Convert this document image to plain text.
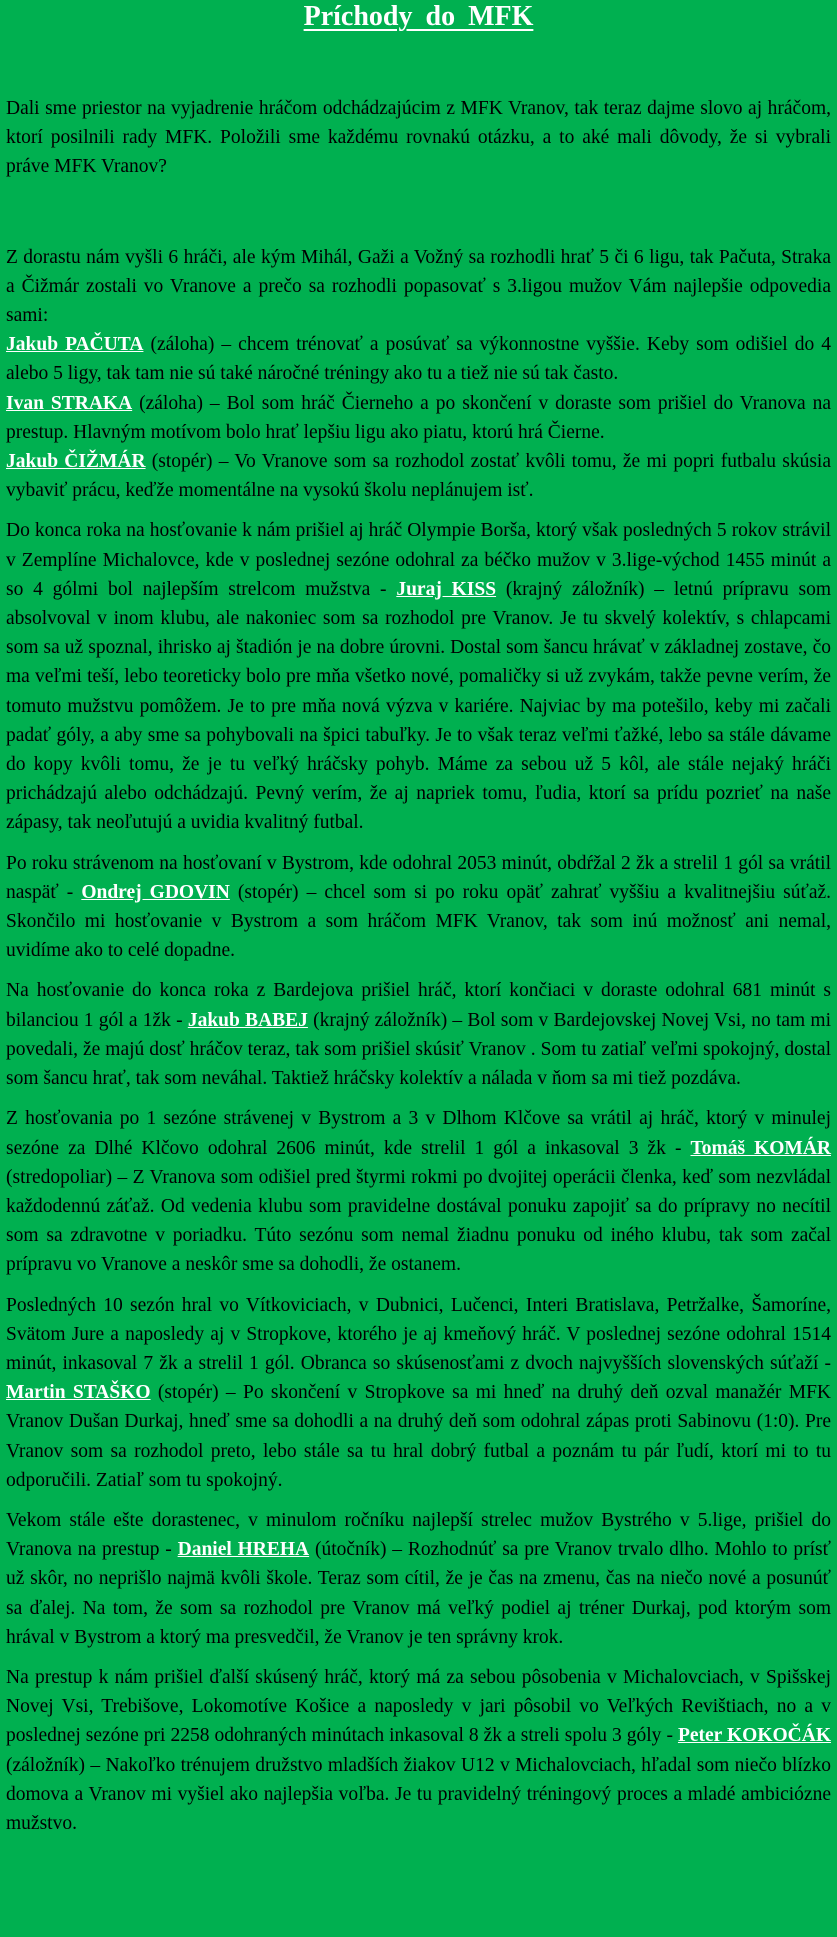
Príchody do MFK

Dali sme priestor na vyjadrenie hráčom odchádzajúcim z MFK Vranov, tak teraz dajme slovo aj hráčom, ktorí posilnili rady MFK. Položili sme každému rovnakú otázku, a to aké mali dôvody, že si vybrali práve MFK Vranov?

Z dorastu nám vyšli 6 hráči, ale kým Mihál, Gaži a Vožný sa rozhodli hrať 5 či 6 ligu, tak Pačuta, Straka a Čižmár zostali vo Vranove a prečo sa rozhodli popasovať s 3.ligou mužov Vám najlepšie odpovedia sami:

Jakub PAČUTA (záloha) – chcem trénovať a posúvať sa výkonnostne vyššie. Keby som odišiel do 4 alebo 5 ligy, tak tam nie sú také náročné tréningy ako tu a tiež nie sú tak často.

Ivan STRAKA (záloha) – Bol som hráč Čierneho a po skončení v doraste som prišiel do Vranova na prestup. Hlavným motívom bolo hrať lepšiu ligu ako piatu, ktorú hrá Čierne.

Jakub ČIŽMÁR (stopér) – Vo Vranove som sa rozhodol zostať kvôli tomu, že mi popri futbalu skúsia vybaviť prácu, keďže momentálne na vysokú školu neplánujem isť.

Do konca roka na hosťovanie k nám prišiel aj hráč Olympie Borša, ktorý však posledných 5 rokov strávil v Zemplíne Michalovce, kde v poslednej sezóne odohral za béčko mužov v 3.lige-východ 1455 minút a so 4 gólmi bol najlepším strelcom mužstva - Juraj KISS (krajný záložník) – letnú prípravu som absolvoval v inom klubu, ale nakoniec som sa rozhodol pre Vranov. Je tu skvelý kolektív, s chlapcami som sa už spoznal, ihrisko aj štadión je na dobre úrovni. Dostal som šancu hrávať v základnej zostave, čo ma veľmi teší, lebo teoreticky bolo pre mňa všetko nové, pomaličky si už zvykám, takže pevne verím, že tomuto mužstvu pomôžem. Je to pre mňa nová výzva v kariére. Najviac by ma potešilo, keby mi začali padať góly, a aby sme sa pohybovali na špici tabuľky. Je to však teraz veľmi ťažké, lebo sa stále dávame do kopy kvôli tomu, že je tu veľký hráčsky pohyb. Máme za sebou už 5 kôl, ale stále nejaký hráči prichádzajú alebo odchádzajú. Pevný verím, že aj napriek tomu, ľudia, ktorí sa prídu pozrieť na naše zápasy, tak neoľutujú a uvidia kvalitný futbal.

Po roku strávenom na hosťovaní v Bystrom, kde odohral 2053 minút, obdŕžal 2 žk a strelil 1 gól sa vrátil naspäť - Ondrej GDOVIN (stopér) – chcel som si po roku opäť zahrať vyššiu a kvalitnejšiu súťaž. Skončilo mi hosťovanie v Bystrom a som hráčom MFK Vranov, tak som inú možnosť ani nemal, uvidíme ako to celé dopadne.

Na hosťovanie do konca roka z Bardejova prišiel hráč, ktorí končiaci v doraste odohral 681 minút s bilanciou 1 gól a 1žk - Jakub BABEJ (krajný záložník) – Bol som v Bardejovskej Novej Vsi, no tam mi povedali, že majú dosť hráčov teraz, tak som prišiel skúsiť Vranov . Som tu zatiaľ veľmi spokojný, dostal som šancu hrať, tak som neváhal. Taktiež hráčsky kolektív a nálada v ňom sa mi tiež pozdáva.

Z hosťovania po 1 sezóne strávenej v Bystrom a 3 v Dlhom Klčove sa vrátil aj hráč, ktorý v minulej sezóne za Dlhé Klčovo odohral 2606 minút, kde strelil 1 gól a inkasoval 3 žk - Tomáš KOMÁR (stredopoliar) – Z Vranova som odišiel pred štyrmi rokmi po dvojitej operácii členka, keď som nezvládal každodennú záťaž. Od vedenia klubu som pravidelne dostával ponuku zapojiť sa do prípravy no necítil som sa zdravotne v poriadku. Túto sezónu som nemal žiadnu ponuku od iného klubu, tak som začal prípravu vo Vranove a neskôr sme sa dohodli, že ostanem.

Posledných 10 sezón hral vo Vítkoviciach, v Dubnici, Lučenci, Interi Bratislava, Petržalke, Šamoríne, Svätom Jure a naposledy aj v Stropkove, ktorého je aj kmeňový hráč. V poslednej sezóne odohral 1514 minút, inkasoval 7 žk a strelil 1 gól. Obranca so skúsenosťami z dvoch najvyšších slovenských súťaží - Martin STAŠKO (stopér) – Po skončení v Stropkove sa mi hneď na druhý deň ozval manažér MFK Vranov Dušan Durkaj, hneď sme sa dohodli a na druhý deň som odohral zápas proti Sabinovu (1:0). Pre Vranov som sa rozhodol preto, lebo stále sa tu hral dobrý futbal a poznám tu pár ľudí, ktorí mi to tu odporučili. Zatiaľ som tu spokojný.

Vekom stále ešte dorastenec, v minulom ročníku najlepší strelec mužov Bystrého v 5.lige, prišiel do Vranova na prestup - Daniel HREHA (útočník) – Rozhodnúť sa pre Vranov trvalo dlho. Mohlo to prísť už skôr, no neprišlo najmä kvôli škole. Teraz som cítil, že je čas na zmenu, čas na niečo nové a posunúť sa ďalej. Na tom, že som sa rozhodol pre Vranov má veľký podiel aj tréner Durkaj, pod ktorým som hrával v Bystrom a ktorý ma presvedčil, že Vranov je ten správny krok.

Na prestup k nám prišiel ďalší skúsený hráč, ktorý má za sebou pôsobenia v Michalovciach, v Spišskej Novej Vsi, Trebišove, Lokomotíve Košice a naposledy v jari pôsobil vo Veľkých Revištiach, no a v poslednej sezóne pri 2258 odohraných minútach inkasoval 8 žk a streli spolu 3 góly - Peter KOKOČÁK (záložník) – Nakoľko trénujem družstvo mladších žiakov U12 v Michalovciach, hľadal som niečo blízko domova a Vranov mi vyšiel ako najlepšia voľba. Je tu pravidelný tréningový proces a mladé ambiciózne mužstvo.
